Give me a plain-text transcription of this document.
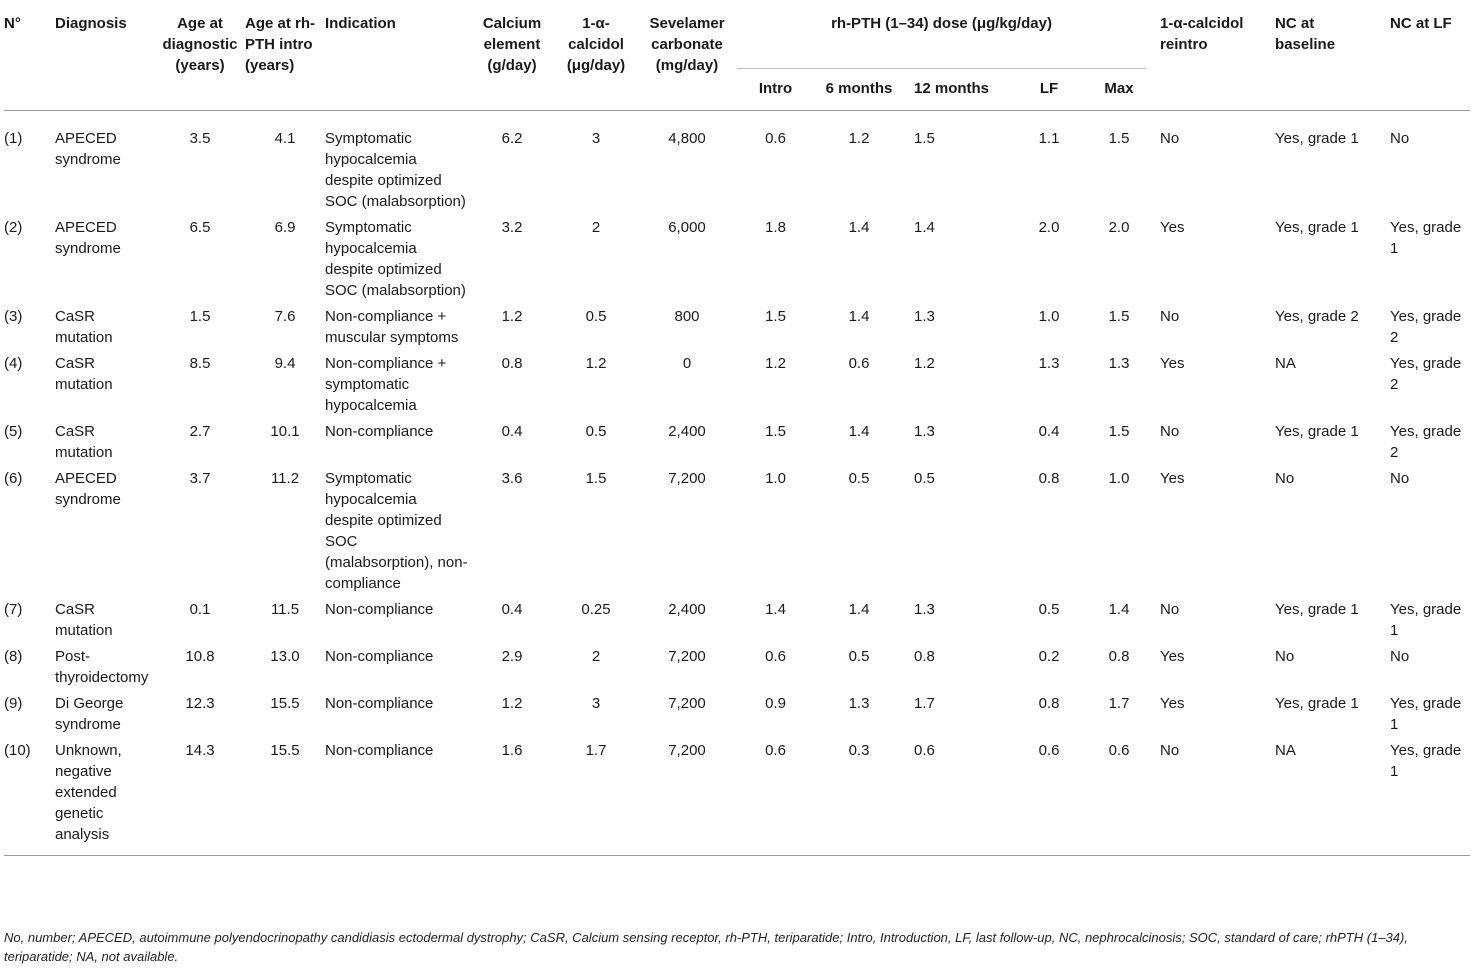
N°	Diagnosis	Age at diagnostic (years)	Age at rh-PTH intro (years)	Indication	Calcium element (g/day)	1-α-calcidol (μg/day)	Sevelamer carbonate (mg/day)	rh-PTH (1–34) dose (μg/kg/day)					1-α-calcidol reintro	NC at baseline	NC at LF
								Intro	6 months	12 months	LF	Max			
(1)	APECED syndrome	3.5	4.1	Symptomatic hypocalcemia despite optimized SOC (malabsorption)	6.2	3	4,800	0.6	1.2	1.5	1.1	1.5	No	Yes, grade 1	No
(2)	APECED syndrome	6.5	6.9	Symptomatic hypocalcemia despite optimized SOC (malabsorption)	3.2	2	6,000	1.8	1.4	1.4	2.0	2.0	Yes	Yes, grade 1	Yes, grade 1
(3)	CaSR mutation	1.5	7.6	Non-compliance + muscular symptoms	1.2	0.5	800	1.5	1.4	1.3	1.0	1.5	No	Yes, grade 2	Yes, grade 2
(4)	CaSR mutation	8.5	9.4	Non-compliance + symptomatic hypocalcemia	0.8	1.2	0	1.2	0.6	1.2	1.3	1.3	Yes	NA	Yes, grade 2
(5)	CaSR mutation	2.7	10.1	Non-compliance	0.4	0.5	2,400	1.5	1.4	1.3	0.4	1.5	No	Yes, grade 1	Yes, grade 2
(6)	APECED syndrome	3.7	11.2	Symptomatic hypocalcemia despite optimized SOC (malabsorption), non-compliance	3.6	1.5	7,200	1.0	0.5	0.5	0.8	1.0	Yes	No	No
(7)	CaSR mutation	0.1	11.5	Non-compliance	0.4	0.25	2,400	1.4	1.4	1.3	0.5	1.4	No	Yes, grade 1	Yes, grade 1
(8)	Post-thyroidectomy	10.8	13.0	Non-compliance	2.9	2	7,200	0.6	0.5	0.8	0.2	0.8	Yes	No	No
(9)	Di George syndrome	12.3	15.5	Non-compliance	1.2	3	7,200	0.9	1.3	1.7	0.8	1.7	Yes	Yes, grade 1	Yes, grade 1
(10)	Unknown, negative extended genetic analysis	14.3	15.5	Non-compliance	1.6	1.7	7,200	0.6	0.3	0.6	0.6	0.6	No	NA	Yes, grade 1
No, number; APECED, autoimmune polyendocrinopathy candidiasis ectodermal dystrophy; CaSR, Calcium sensing receptor, rh-PTH, teriparatide; Intro, Introduction, LF, last follow-up, NC, nephrocalcinosis; SOC, standard of care; rhPTH (1–34), teriparatide; NA, not available.
